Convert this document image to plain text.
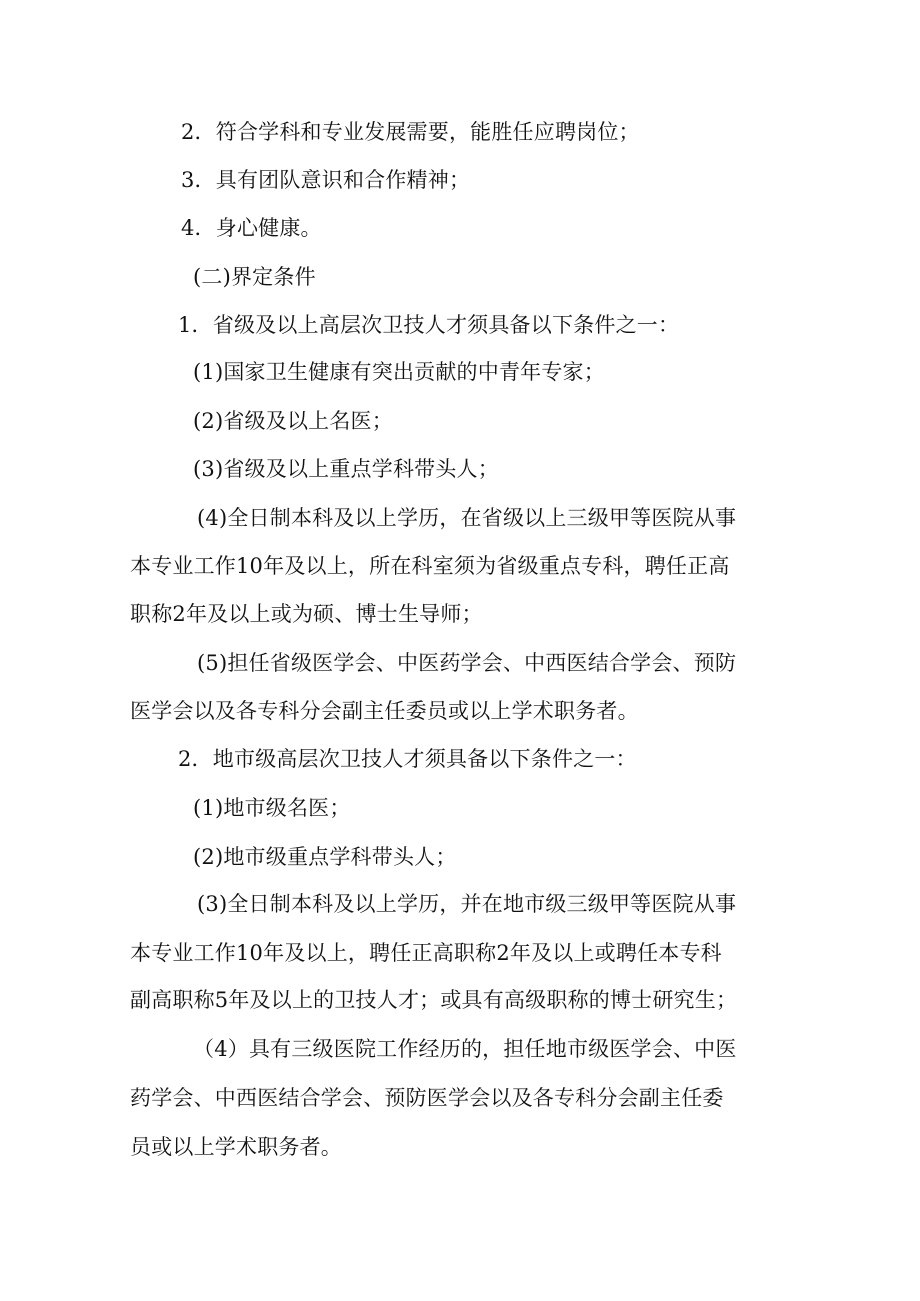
2．符合学科和专业发展需要，能胜任应聘岗位；
3．具有团队意识和合作精神；
4．身心健康。
(二)界定条件
1．省级及以上高层次卫技人才须具备以下条件之一：
(1)国家卫生健康有突出贡献的中青年专家；
(2)省级及以上名医；
(3)省级及以上重点学科带头人；
(4)全日制本科及以上学历，在省级以上三级甲等医院从事
本专业工作10年及以上，所在科室须为省级重点专科，聘任正高
职称2年及以上或为硕、博士生导师；
(5)担任省级医学会、中医药学会、中西医结合学会、预防
医学会以及各专科分会副主任委员或以上学术职务者。
2．地市级高层次卫技人才须具备以下条件之一：
(1)地市级名医；
(2)地市级重点学科带头人；
(3)全日制本科及以上学历，并在地市级三级甲等医院从事
本专业工作10年及以上，聘任正高职称2年及以上或聘任本专科
副高职称5年及以上的卫技人才；或具有高级职称的博士研究生；
（4）具有三级医院工作经历的，担任地市级医学会、中医
药学会、中西医结合学会、预防医学会以及各专科分会副主任委
员或以上学术职务者。
